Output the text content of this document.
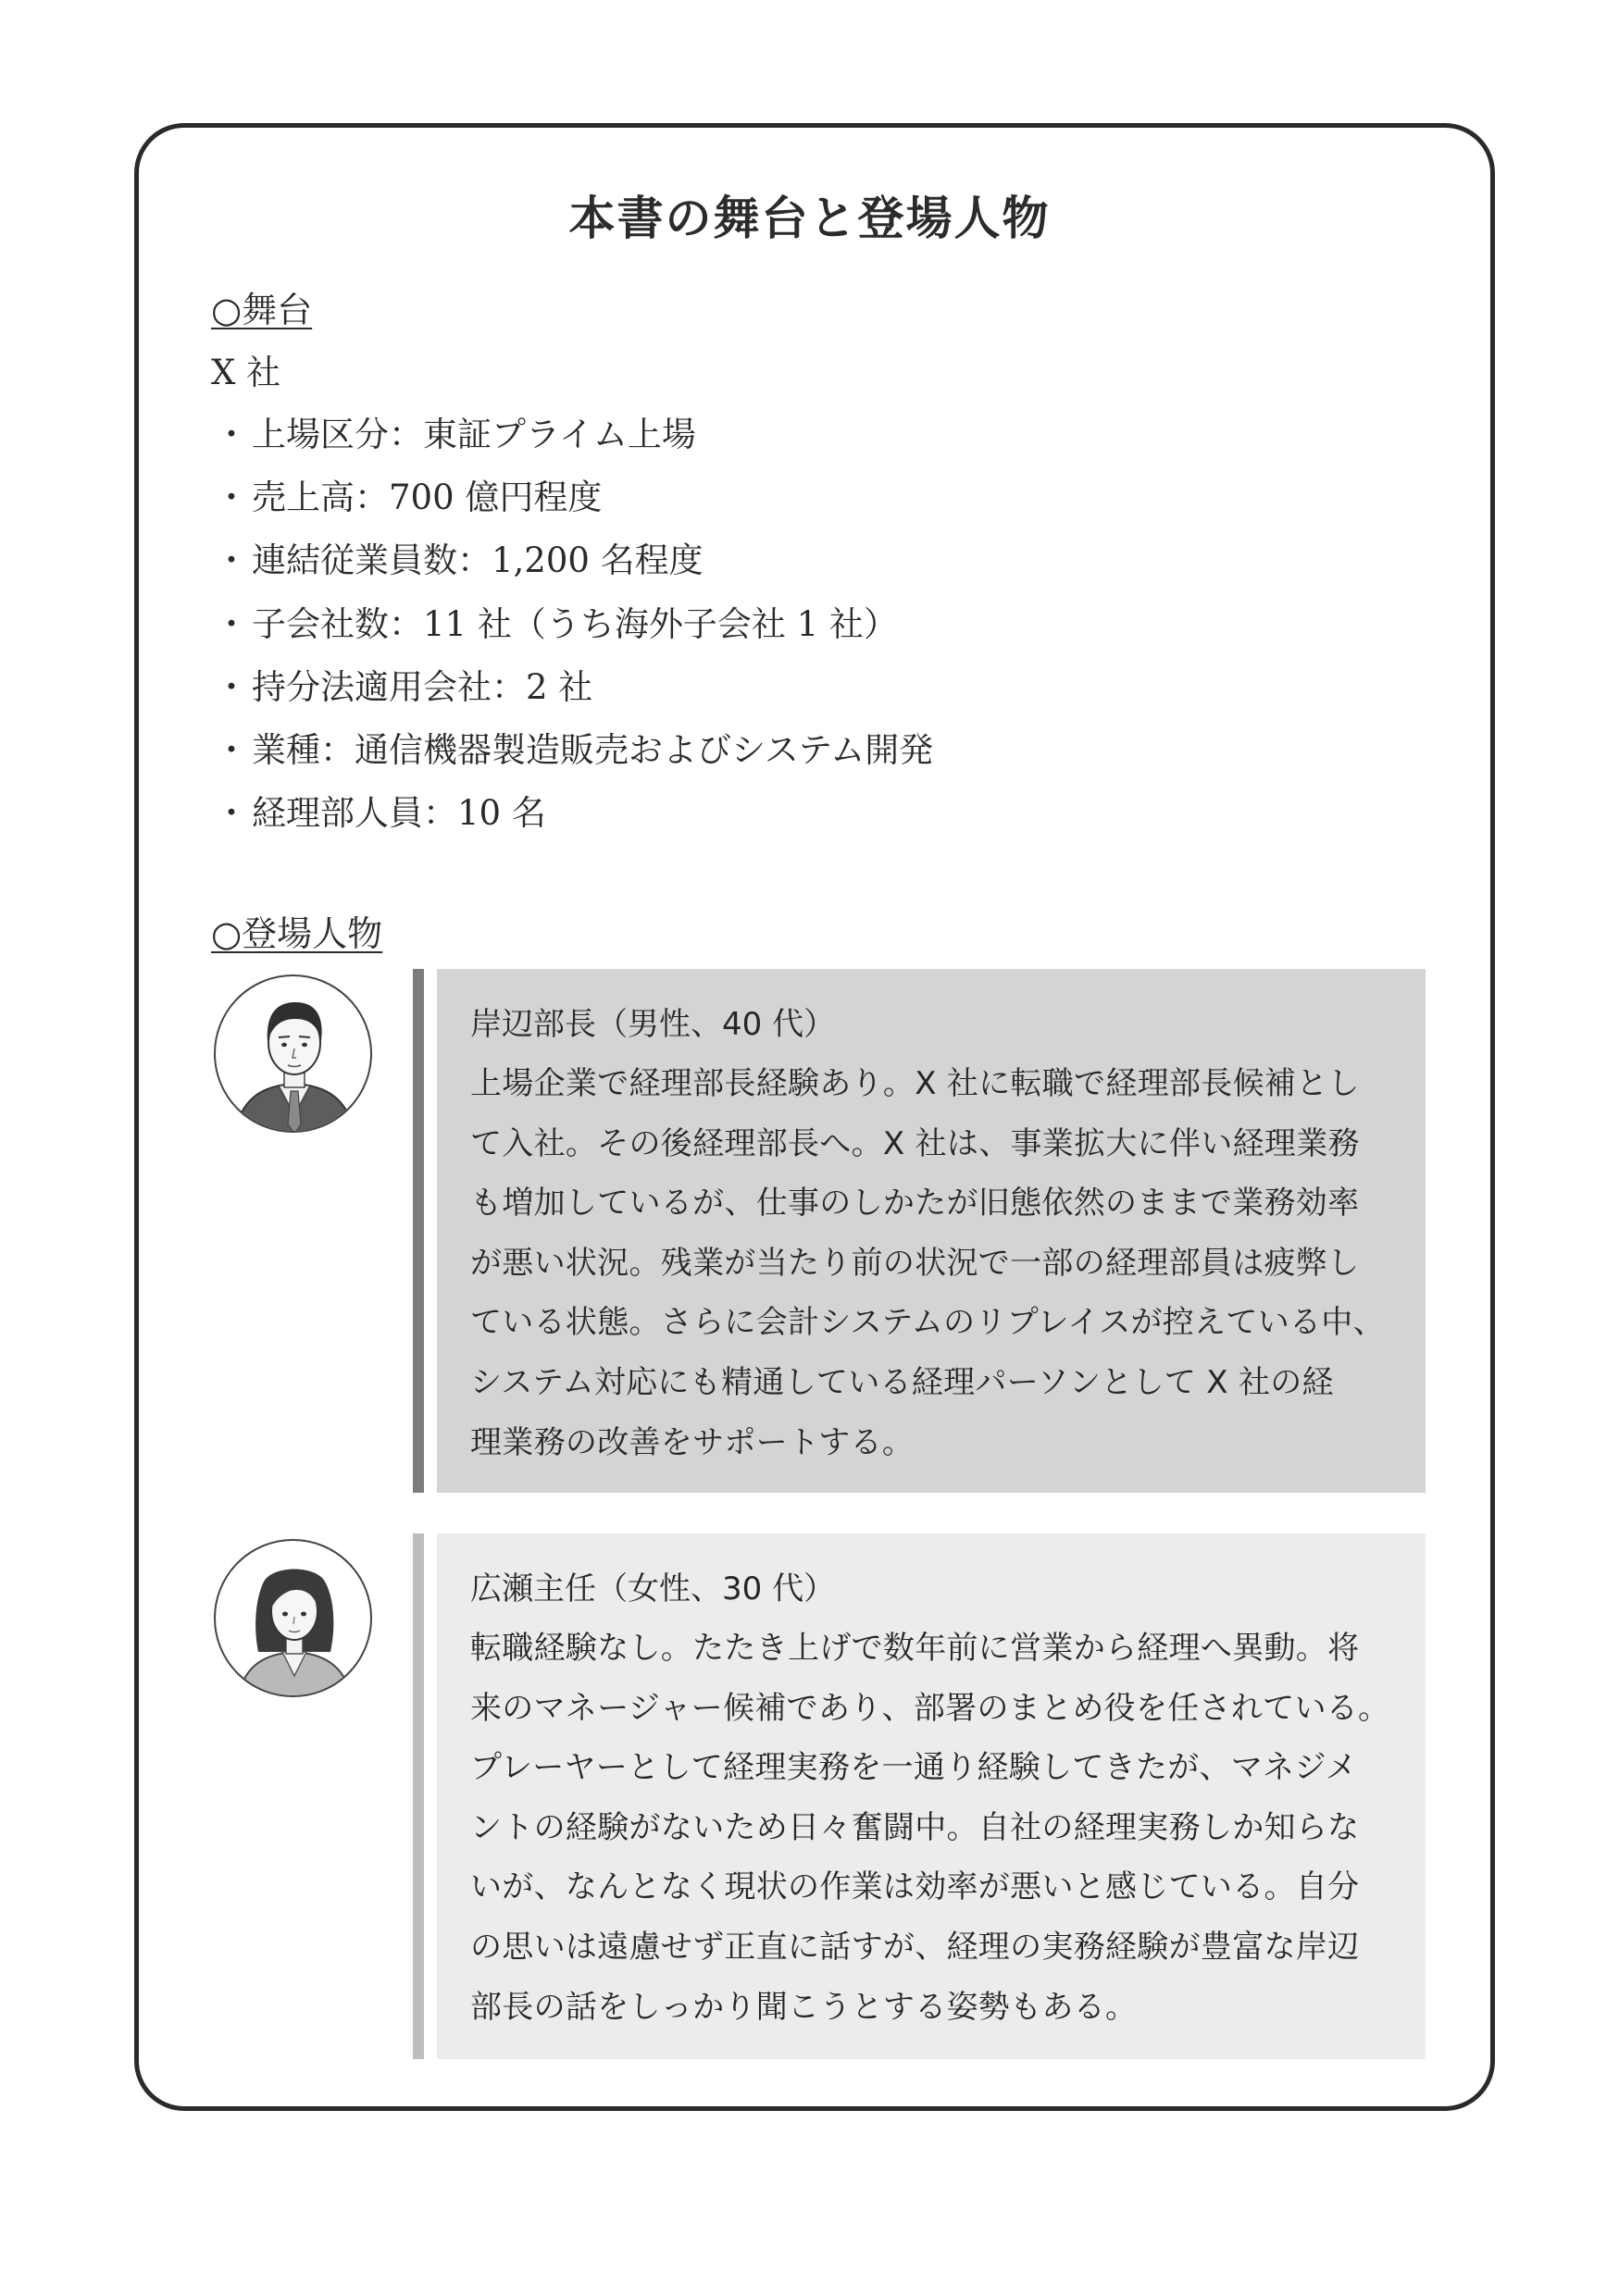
本書の舞台と登場人物
○舞台
X 社
・上場区分：東証プライム上場
・売上高：700 億円程度
・連結従業員数：1,200 名程度
・子会社数：11 社（うち海外子会社 1 社）
・持分法適用会社：2 社
・業種：通信機器製造販売およびシステム開発
・経理部人員：10 名
○登場人物
岸辺部長（男性、40 代）
上場企業で経理部長経験あり。X 社に転職で経理部長候補とし
て入社。その後経理部長へ。X 社は、事業拡大に伴い経理業務
も増加しているが、仕事のしかたが旧態依然のままで業務効率
が悪い状況。残業が当たり前の状況で一部の経理部員は疲弊し
ている状態。さらに会計システムのリプレイスが控えている中、
システム対応にも精通している経理パーソンとして X 社の経
理業務の改善をサポートする。
広瀬主任（女性、30 代）
転職経験なし。たたき上げで数年前に営業から経理へ異動。将
来のマネージャー候補であり、部署のまとめ役を任されている。
プレーヤーとして経理実務を一通り経験してきたが、マネジメ
ントの経験がないため日々奮闘中。自社の経理実務しか知らな
いが、なんとなく現状の作業は効率が悪いと感じている。自分
の思いは遠慮せず正直に話すが、経理の実務経験が豊富な岸辺
部長の話をしっかり聞こうとする姿勢もある。
